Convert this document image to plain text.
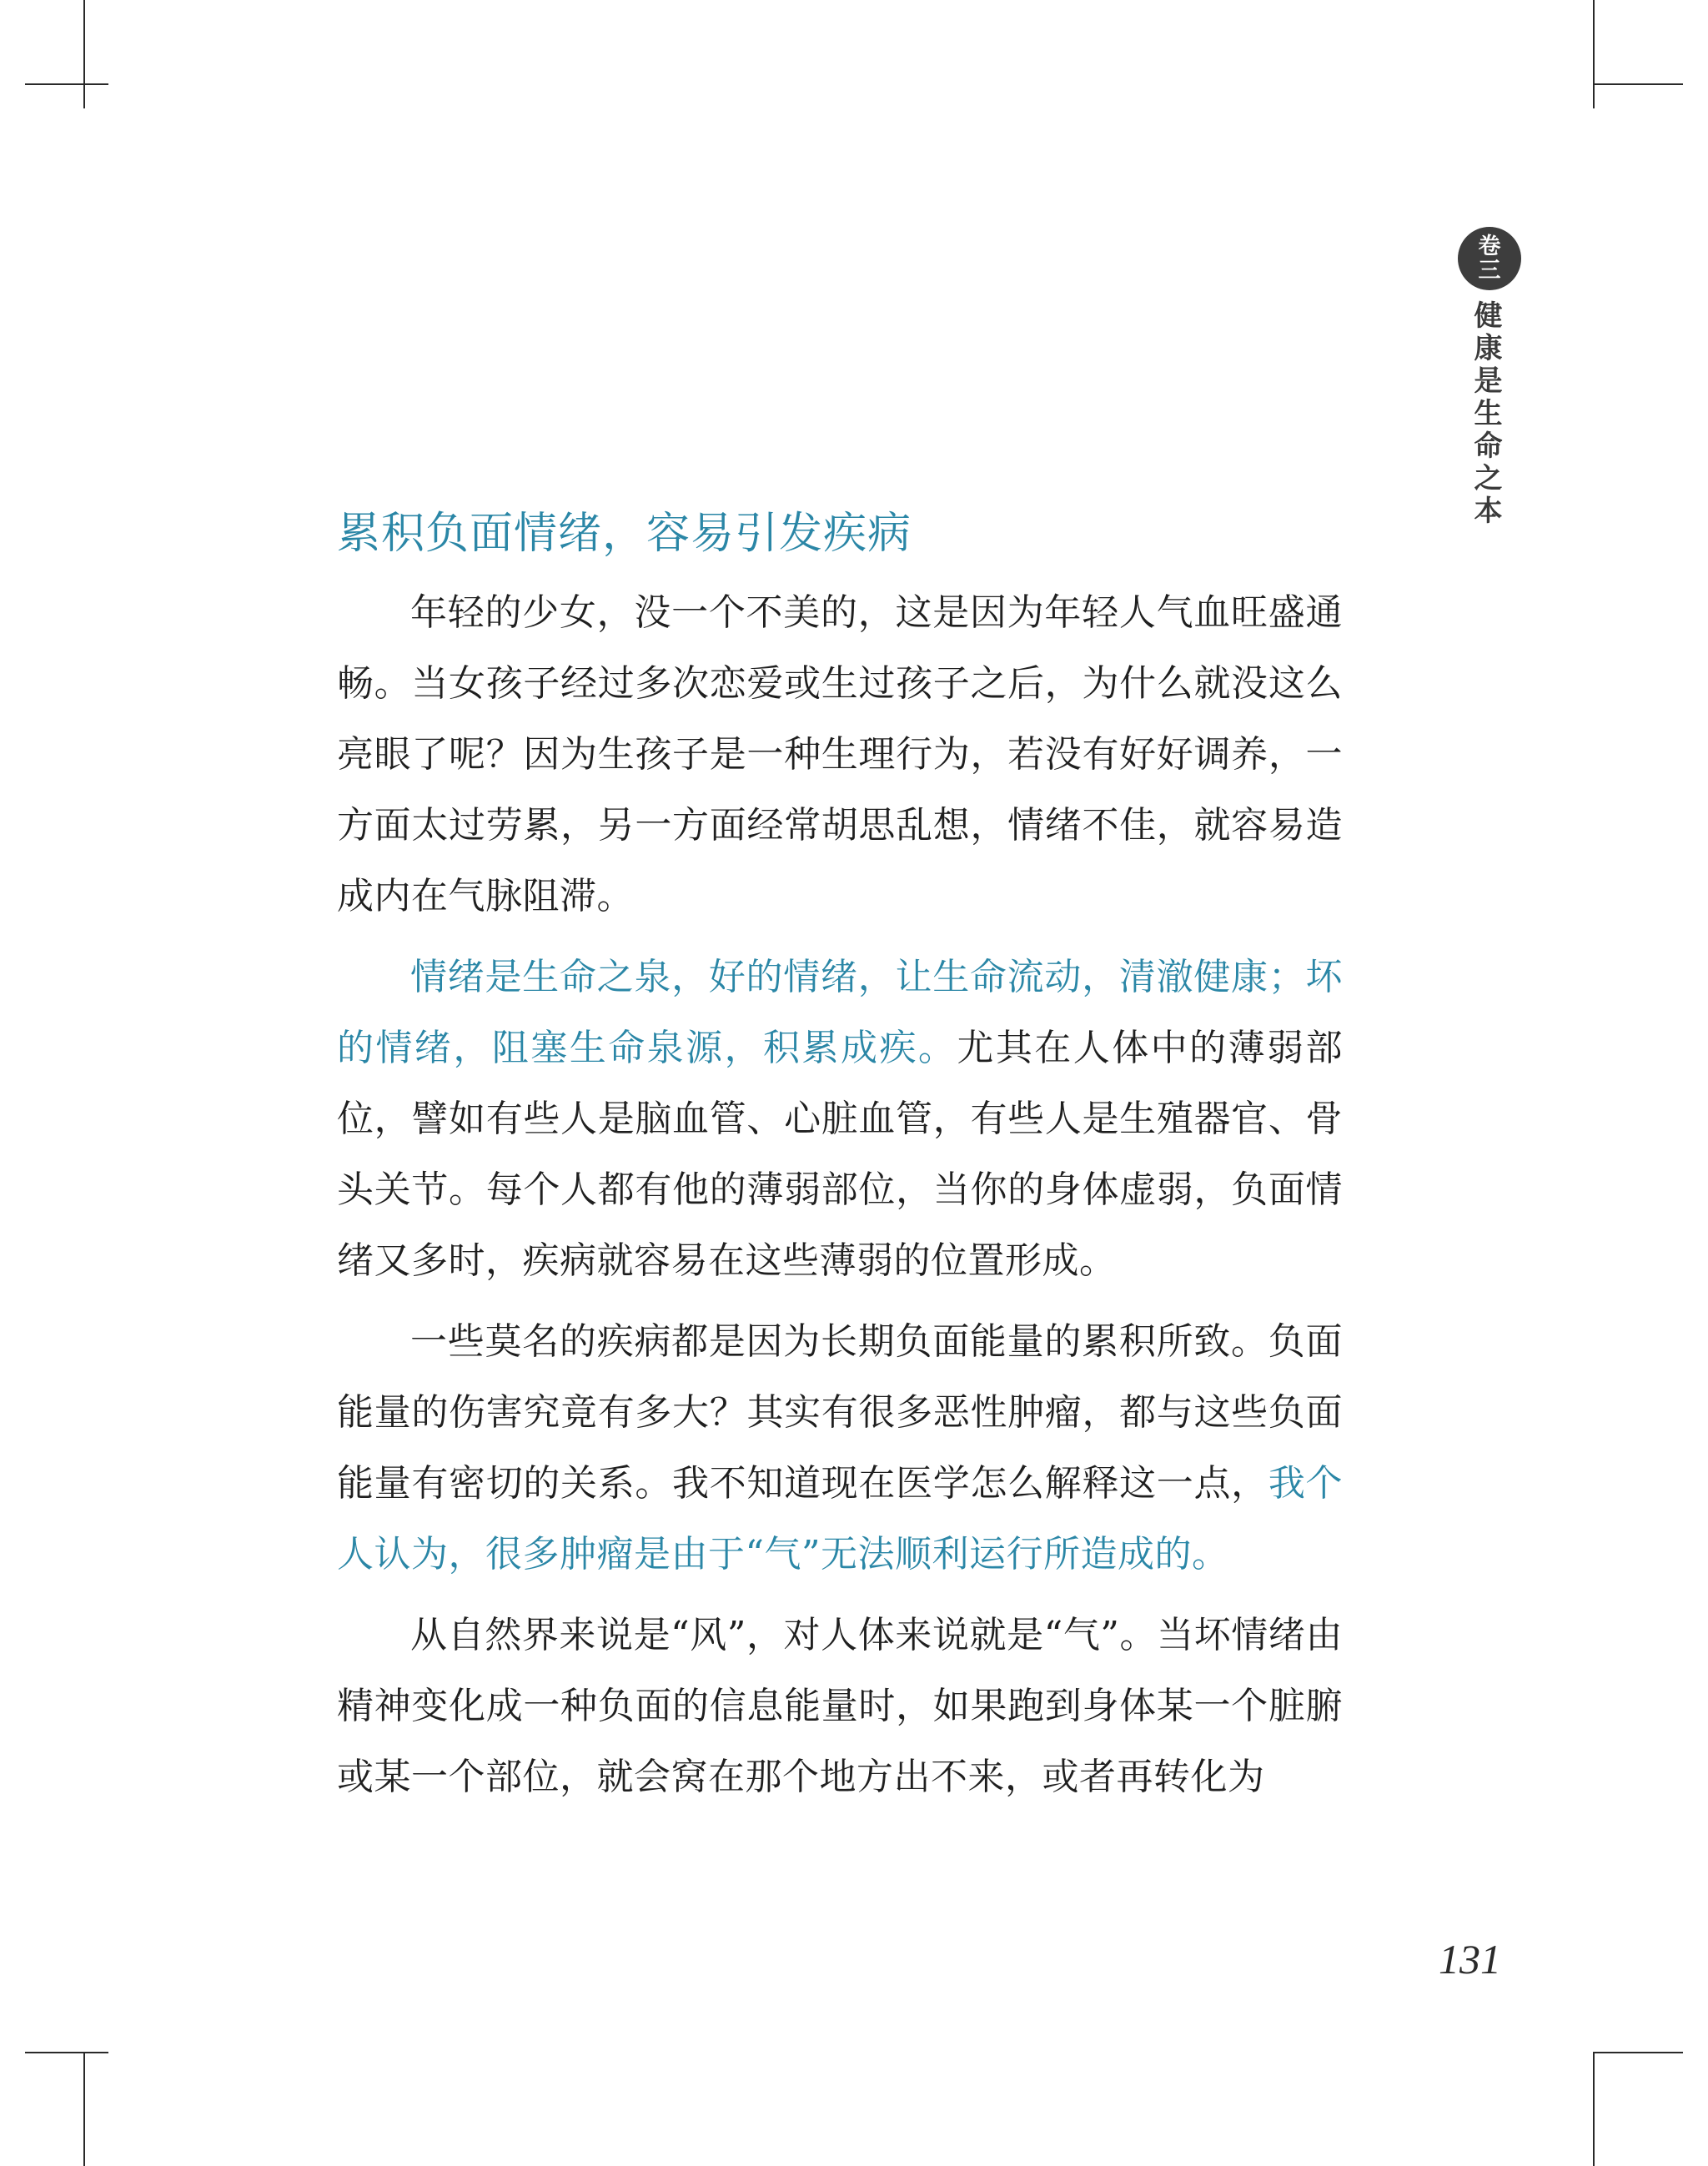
卷
三
健康是生命之本
累积负面情绪，容易引发疾病

年轻的少女，没一个不美的，这是因为年轻人气血旺盛通畅。当女孩子经过多次恋爱或生过孩子之后，为什么就没这么亮眼了呢？因为生孩子是一种生理行为，若没有好好调养，一方面太过劳累，另一方面经常胡思乱想，情绪不佳，就容易造成内在气脉阻滞。

情绪是生命之泉，好的情绪，让生命流动，清澈健康；坏的情绪，阻塞生命泉源，积累成疾。尤其在人体中的薄弱部位，譬如有些人是脑血管、心脏血管，有些人是生殖器官、骨头关节。每个人都有他的薄弱部位，当你的身体虚弱，负面情绪又多时，疾病就容易在这些薄弱的位置形成。

一些莫名的疾病都是因为长期负面能量的累积所致。负面能量的伤害究竟有多大？其实有很多恶性肿瘤，都与这些负面能量有密切的关系。我不知道现在医学怎么解释这一点，我个人认为，很多肿瘤是由于“气”无法顺利运行所造成的。

从自然界来说是“风”，对人体来说就是“气”。当坏情绪由精神变化成一种负面的信息能量时，如果跑到身体某一个脏腑或某一个部位，就会窝在那个地方出不来，或者再转化为

131
